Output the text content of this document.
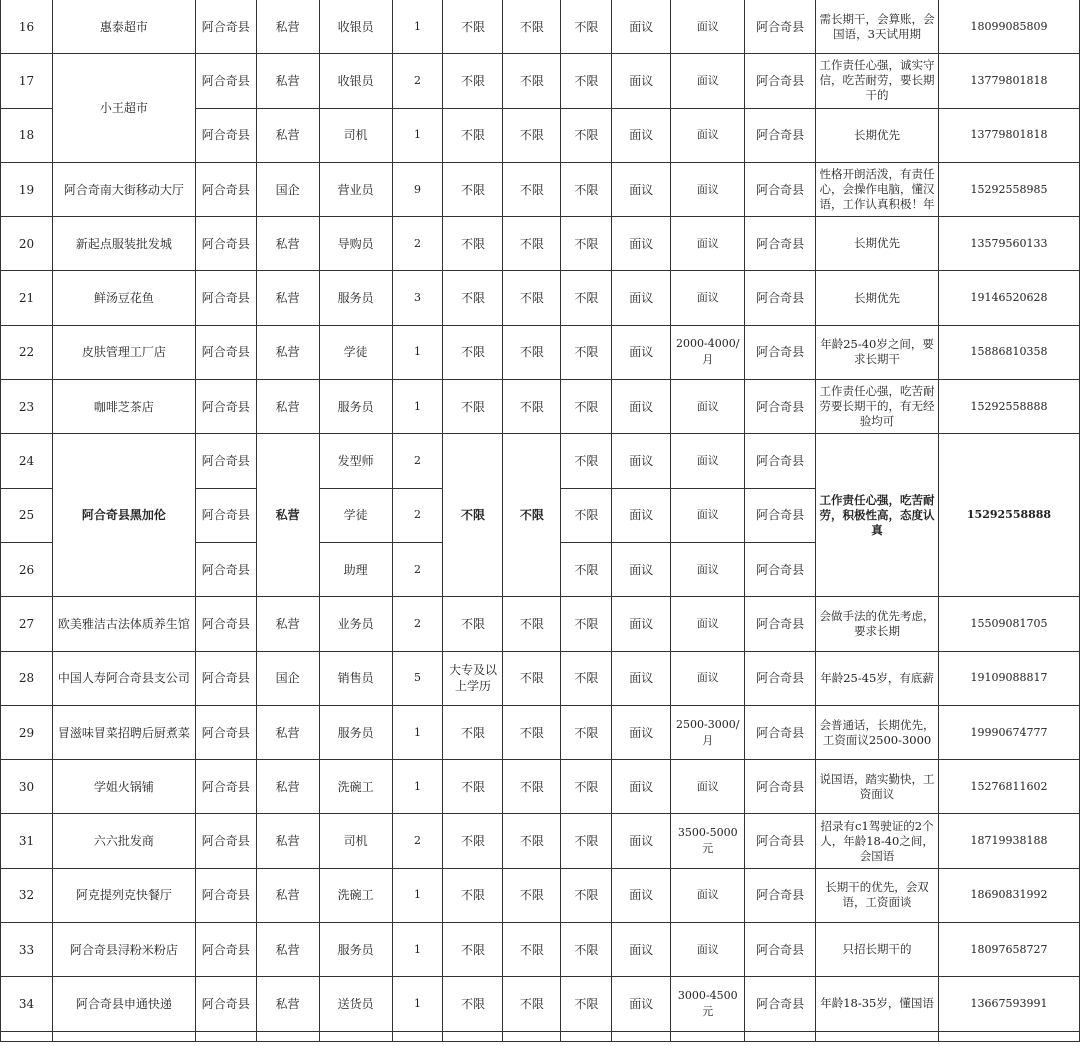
16	惠泰超市	阿合奇县	私营	收银员	1	不限	不限	不限	面议	面议	阿合奇县	需长期干，会算账，会国语，3天试用期	18099085809
17	小王超市	阿合奇县	私营	收银员	2	不限	不限	不限	面议	面议	阿合奇县	工作责任心强，诚实守信，吃苦耐劳，要长期干的	13779801818
18		阿合奇县	私营	司机	1	不限	不限	不限	面议	面议	阿合奇县	长期优先	13779801818
19	阿合奇南大街移动大厅	阿合奇县	国企	营业员	9	不限	不限	不限	面议	面议	阿合奇县	性格开朗活泼，有责任心，会操作电脑，懂汉语，工作认真积极！年	15292558985
20	新起点服装批发城	阿合奇县	私营	导购员	2	不限	不限	不限	面议	面议	阿合奇县	长期优先	13579560133
21	鲜汤豆花鱼	阿合奇县	私营	服务员	3	不限	不限	不限	面议	面议	阿合奇县	长期优先	19146520628
22	皮肤管理工厂店	阿合奇县	私营	学徒	1	不限	不限	不限	面议	2000-4000/月	阿合奇县	年龄25-40岁之间，要求长期干	15886810358
23	咖啡芝茶店	阿合奇县	私营	服务员	1	不限	不限	不限	面议	面议	阿合奇县	工作责任心强，吃苦耐劳要长期干的，有无经验均可	15292558888
24	阿合奇县黑加伦	阿合奇县	私营	发型师	2	不限	不限	不限	面议	面议	阿合奇县	工作责任心强，吃苦耐劳，积极性高，态度认真	15292558888
25		阿合奇县		学徒	2			不限	面议	面议	阿合奇县		
26		阿合奇县		助理	2			不限	面议	面议	阿合奇县		
27	欧美雅洁古法体质养生馆	阿合奇县	私营	业务员	2	不限	不限	不限	面议	面议	阿合奇县	会做手法的优先考虑，要求长期	15509081705
28	中国人寿阿合奇县支公司	阿合奇县	国企	销售员	5	大专及以上学历	不限	不限	面议	面议	阿合奇县	年龄25-45岁，有底薪	19109088817
29	冒滋味冒菜招聘后厨煮菜	阿合奇县	私营	服务员	1	不限	不限	不限	面议	2500-3000/月	阿合奇县	会普通话，长期优先，工资面议2500-3000	19990674777
30	学姐火锅铺	阿合奇县	私营	洗碗工	1	不限	不限	不限	面议	面议	阿合奇县	说国语，踏实勤快，工资面议	15276811602
31	六六批发商	阿合奇县	私营	司机	2	不限	不限	不限	面议	3500-5000元	阿合奇县	招录有c1驾驶证的2个人，年龄18-40之间，会国语	18719938188
32	阿克提列克快餐厅	阿合奇县	私营	洗碗工	1	不限	不限	不限	面议	面议	阿合奇县	长期干的优先，会双语，工资面谈	18690831992
33	阿合奇县浔粉米粉店	阿合奇县	私营	服务员	1	不限	不限	不限	面议	面议	阿合奇县	只招长期干的	18097658727
34	阿合奇县申通快递	阿合奇县	私营	送货员	1	不限	不限	不限	面议	3000-4500元	阿合奇县	年龄18-35岁，懂国语	13667593991
